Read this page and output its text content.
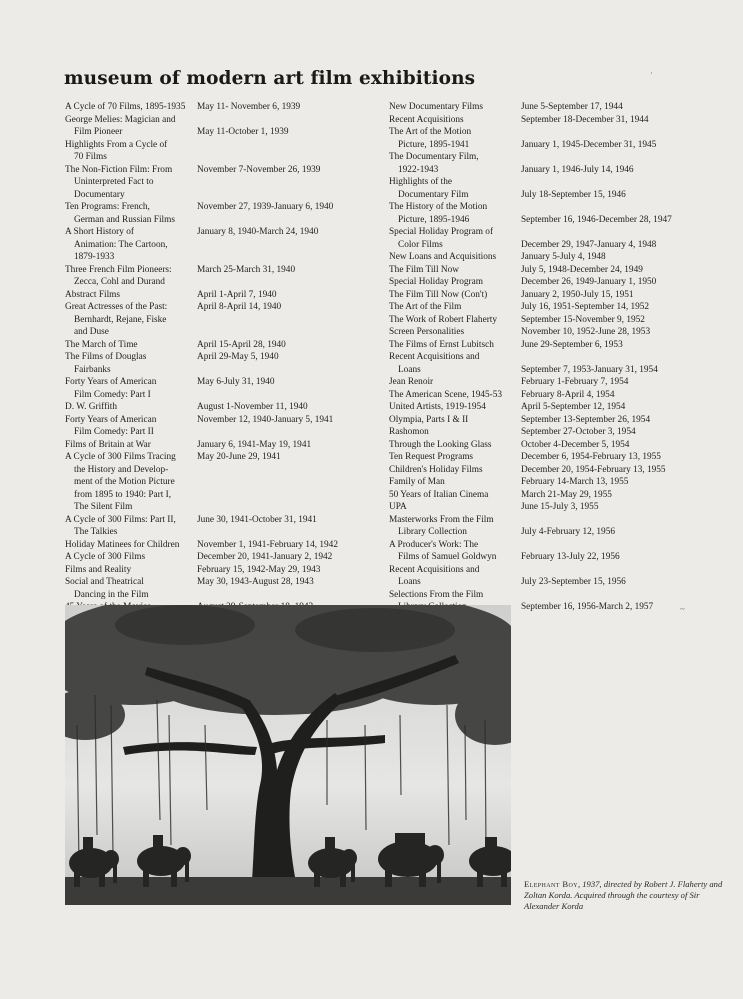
museum of modern art film exhibitions
A Cycle of 70 Films, 1895-1935
George Melies: Magician and
Film Pioneer
Highlights From a Cycle of
70 Films
The Non-Fiction Film: From
Uninterpreted Fact to
Documentary
Ten Programs: French,
German and Russian Films
A Short History of
Animation: The Cartoon,
1879-1933
Three French Film Pioneers:
Zecca, Cohl and Durand
Abstract Films
Great Actresses of the Past:
Bernhardt, Rejane, Fiske
and Duse
The March of Time
The Films of Douglas
Fairbanks
Forty Years of American
Film Comedy: Part I
D. W. Griffith
Forty Years of American
Film Comedy: Part II
Films of Britain at War
A Cycle of 300 Films Tracing
the History and Develop-
ment of the Motion Picture
from 1895 to 1940: Part I,
The Silent Film
A Cycle of 300 Films: Part II,
The Talkies
Holiday Matinees for Children
A Cycle of 300 Films
Films and Reality
Social and Theatrical
Dancing in the Film
May 11- November 6, 1939
May 11-October 1, 1939
November 7-November 26, 1939
November 27, 1939-January 6, 1940
January 8, 1940-March 24, 1940
March 25-March 31, 1940
April 1-April 7, 1940
April 8-April 14, 1940
April 15-April 28, 1940
April 29-May 5, 1940
May 6-July 31, 1940
August 1-November 11, 1940
November 12, 1940-January 5, 1941
January 6, 1941-May 19, 1941
May 20-June 29, 1941
June 30, 1941-October 31, 1941
November 1, 1941-February 14, 1942
December 20, 1941-January 2, 1942
February 15, 1942-May 29, 1943
May 30, 1943-August 28, 1943
New Documentary Films
Recent Acquisitions
The Art of the Motion
Picture, 1895-1941
The Documentary Film,
1922-1943
Highlights of the
Documentary Film
The History of the Motion
Picture, 1895-1946
Special Holiday Program of
Color Films
New Loans and Acquisitions
The Film Till Now
Special Holiday Program
The Film Till Now (Con't)
The Art of the Film
The Work of Robert Flaherty
Screen Personalities
The Films of Ernst Lubitsch
Recent Acquisitions and
Loans
Jean Renoir
The American Scene, 1945-53
United Artists, 1919-1954
Olympia, Parts I & II
Rashomon
Through the Looking Glass
Ten Request Programs
Children's Holiday Films
Family of Man
50 Years of Italian Cinema
UPA
Masterworks From the Film
Library Collection
A Producer's Work: The
Films of Samuel Goldwyn
Recent Acquisitions and
Loans
Selections From the Film
June 5-September 17, 1944
September 18-December 31, 1944
January 1, 1945-December 31, 1945
January 1, 1946-July 14, 1946
July 18-September 15, 1946
September 16, 1946-December 28, 1947
December 29, 1947-January 4, 1948
January 5-July 4, 1948
July 5, 1948-December 24, 1949
December 26, 1949-January 1, 1950
January 2, 1950-July 15, 1951
July 16, 1951-September 14, 1952
September 15-November 9, 1952
November 10, 1952-June 28, 1953
June 29-September 6, 1953
September 7, 1953-January 31, 1954
February 1-February 7, 1954
February 8-April 4, 1954
April 5-September 12, 1954
September 13-September 26, 1954
September 27-October 3, 1954
October 4-December 5, 1954
December 6, 1954-February 13, 1955
December 20, 1954-February 13, 1955
February 14-March 13, 1955
March 21-May 29, 1955
June 15-July 3, 1955
July 4-February 12, 1956
February 13-July 22, 1956
July 23-September 15, 1956
September 16, 1956-March 2, 1957
Elephant Boy, 1937, directed by Robert J. Flaherty and Zoltan Korda. Acquired through the courtesy of Sir Alexander Korda
·
~
